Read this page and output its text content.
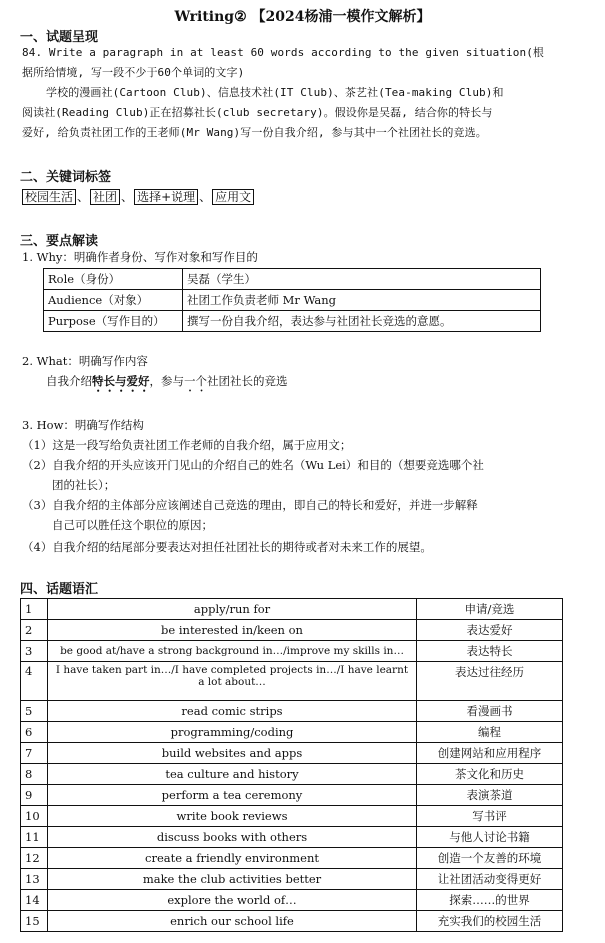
Writing② 【2024杨浦一模作文解析】
一、试题呈现
84. Write a paragraph in at least 60 words according to the given situation(根
据所给情境, 写一段不少于60个单词的文字)
学校的漫画社(Cartoon Club)、信息技术社(IT Club)、茶艺社(Tea-making Club)和
阅读社(Reading Club)正在招募社长(club secretary)。假设你是吴磊, 结合你的特长与
爱好, 给负责社团工作的王老师(Mr Wang)写一份自我介绍, 参与其中一个社团社长的竞选。
二、关键词标签
校园生活 、 社团 、 选择+说理 、 应用文
三、要点解读
1. Why：明确作者身份、写作对象和写作目的
Role（身份）	吴磊（学生）
Audience（对象）	社团工作负责老师 Mr Wang
Purpose（写作目的）	撰写一份自我介绍，表达参与社团社长竞选的意愿。
2. What：明确写作内容
自我介绍特长与爱好，参与一个社团社长的竞选
3. How：明确写作结构
（1）这是一段写给负责社团工作老师的自我介绍，属于应用文；
（2）自我介绍的开头应该开门见山的介绍自己的姓名（Wu Lei）和目的（想要竞选哪个社
团的社长）；
（3）自我介绍的主体部分应该阐述自己竞选的理由，即自己的特长和爱好，并进一步解释
自己可以胜任这个职位的原因；
（4）自我介绍的结尾部分要表达对担任社团社长的期待或者对未来工作的展望。
四、话题语汇
1	apply/run for	申请/竞选
2	be interested in/keen on	表达爱好
3	be good at/have a strong background in…/improve my skills in…	表达特长
4	I have taken part in…/I have completed projects in…/I have learnt a lot about…	表达过往经历
5	read comic strips	看漫画书
6	programming/coding	编程
7	build websites and apps	创建网站和应用程序
8	tea culture and history	茶文化和历史
9	perform a tea ceremony	表演茶道
10	write book reviews	写书评
11	discuss books with others	与他人讨论书籍
12	create a friendly environment	创造一个友善的环境
13	make the club activities better	让社团活动变得更好
14	explore the world of…	探索……的世界
15	enrich our school life	充实我们的校园生活
